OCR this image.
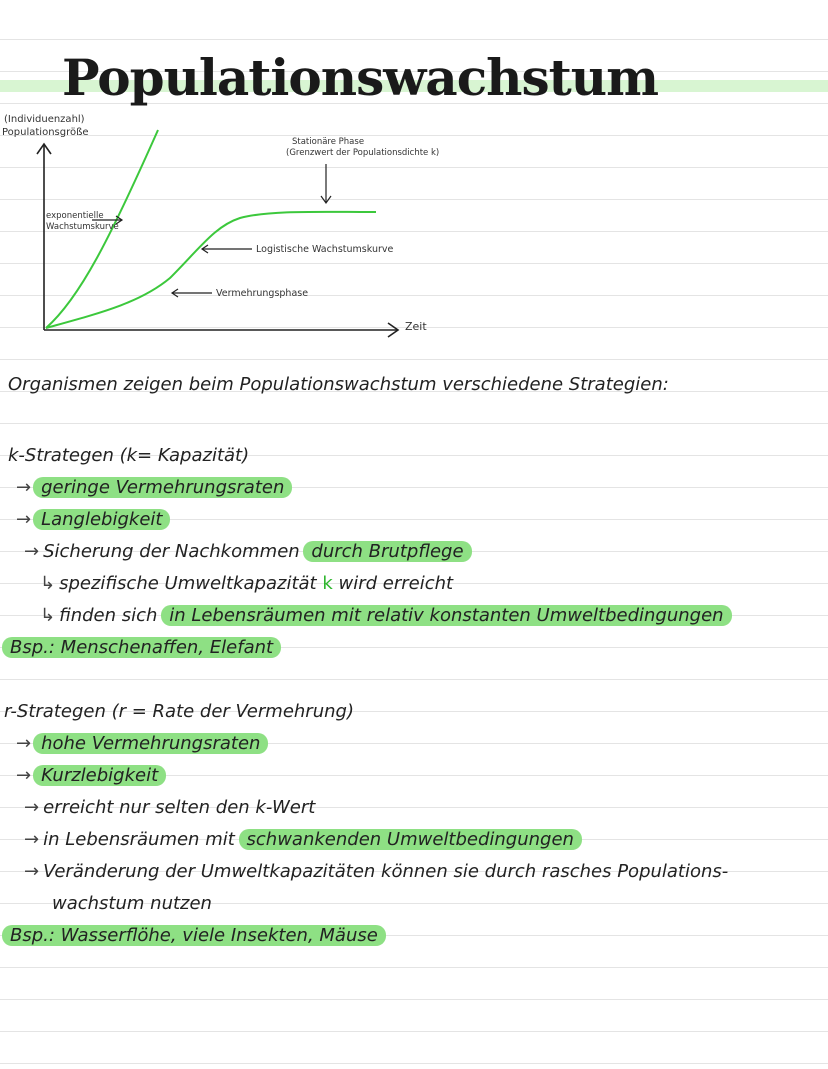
Populationswachstum
(Individuenzahl)
Populationsgröße
Zeit
exponentielle
Wachstumskurve
Stationäre Phase
(Grenzwert der Populationsdichte k)
Logistische Wachstumskurve
Vermehrungsphase
Organismen zeigen beim Populationswachstum verschiedene Strategien:
k-Strategen (k= Kapazität)
→ geringe Vermehrungsraten
→ Langlebigkeit
→ Sicherung der Nachkommen durch Brutpflege
↳ spezifische Umweltkapazität k wird erreicht
↳ finden sich in Lebensräumen mit relativ konstanten Umweltbedingungen
Bsp.: Menschenaffen, Elefant
r-Strategen (r = Rate der Vermehrung)
→ hohe Vermehrungsraten
→ Kurzlebigkeit
→ erreicht nur selten den k-Wert
→ in Lebensräumen mit schwankenden Umweltbedingungen
→ Veränderung der Umweltkapazitäten können sie durch rasches Populations-
wachstum nutzen
Bsp.: Wasserflöhe, viele Insekten, Mäuse
